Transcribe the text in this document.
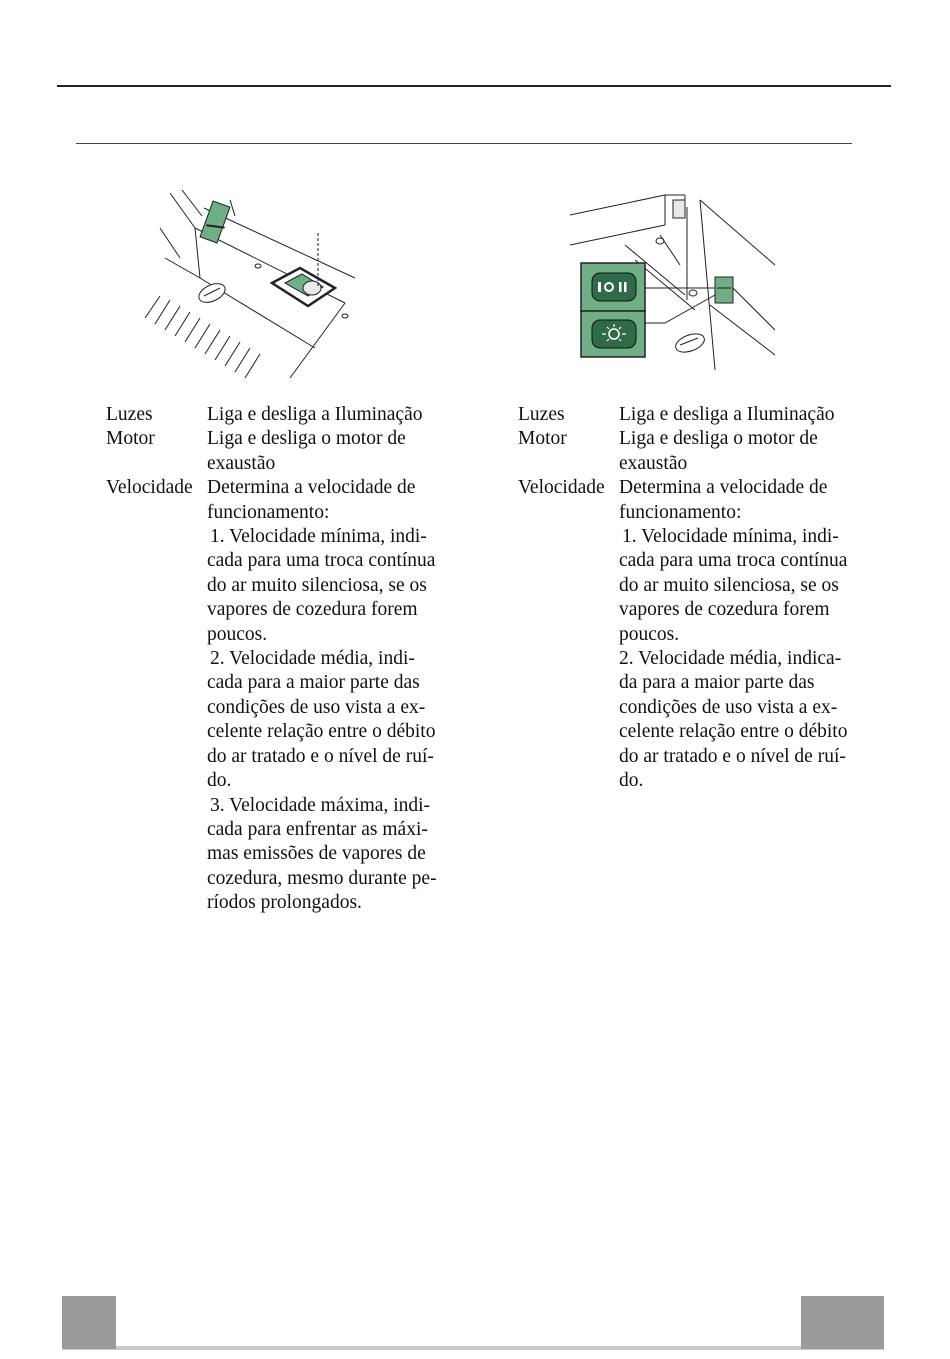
Luzes	Liga e desliga a Iluminação
Motor	Liga e desliga o motor de
exaustão
Velocidade Determina a velocidade de
funcionamento:
1. Velocidade mínima, indi-
cada para uma troca contínua
do ar muito silenciosa, se os
vapores de cozedura forem
poucos.
2. Velocidade média, indi-
cada para a maior parte das
condições de uso vista a ex-
celente relação entre o débito
do ar tratado e o nível de ruí-
do.
3. Velocidade máxima, indi-
cada para enfrentar as máxi-
mas emissões de vapores de
cozedura, mesmo durante pe-
ríodos prolongados.
Luzes	Liga e desliga a Iluminação
Motor	Liga e desliga o motor de
exaustão
Velocidade Determina a velocidade de
funcionamento:
1. Velocidade mínima, indi-
cada para uma troca contínua
do ar muito silenciosa, se os
vapores de cozedura forem
poucos.
2. Velocidade média, indica-
da para a maior parte das
condições de uso vista a ex-
celente relação entre o débito
do ar tratado e o nível de ruí-
do.
